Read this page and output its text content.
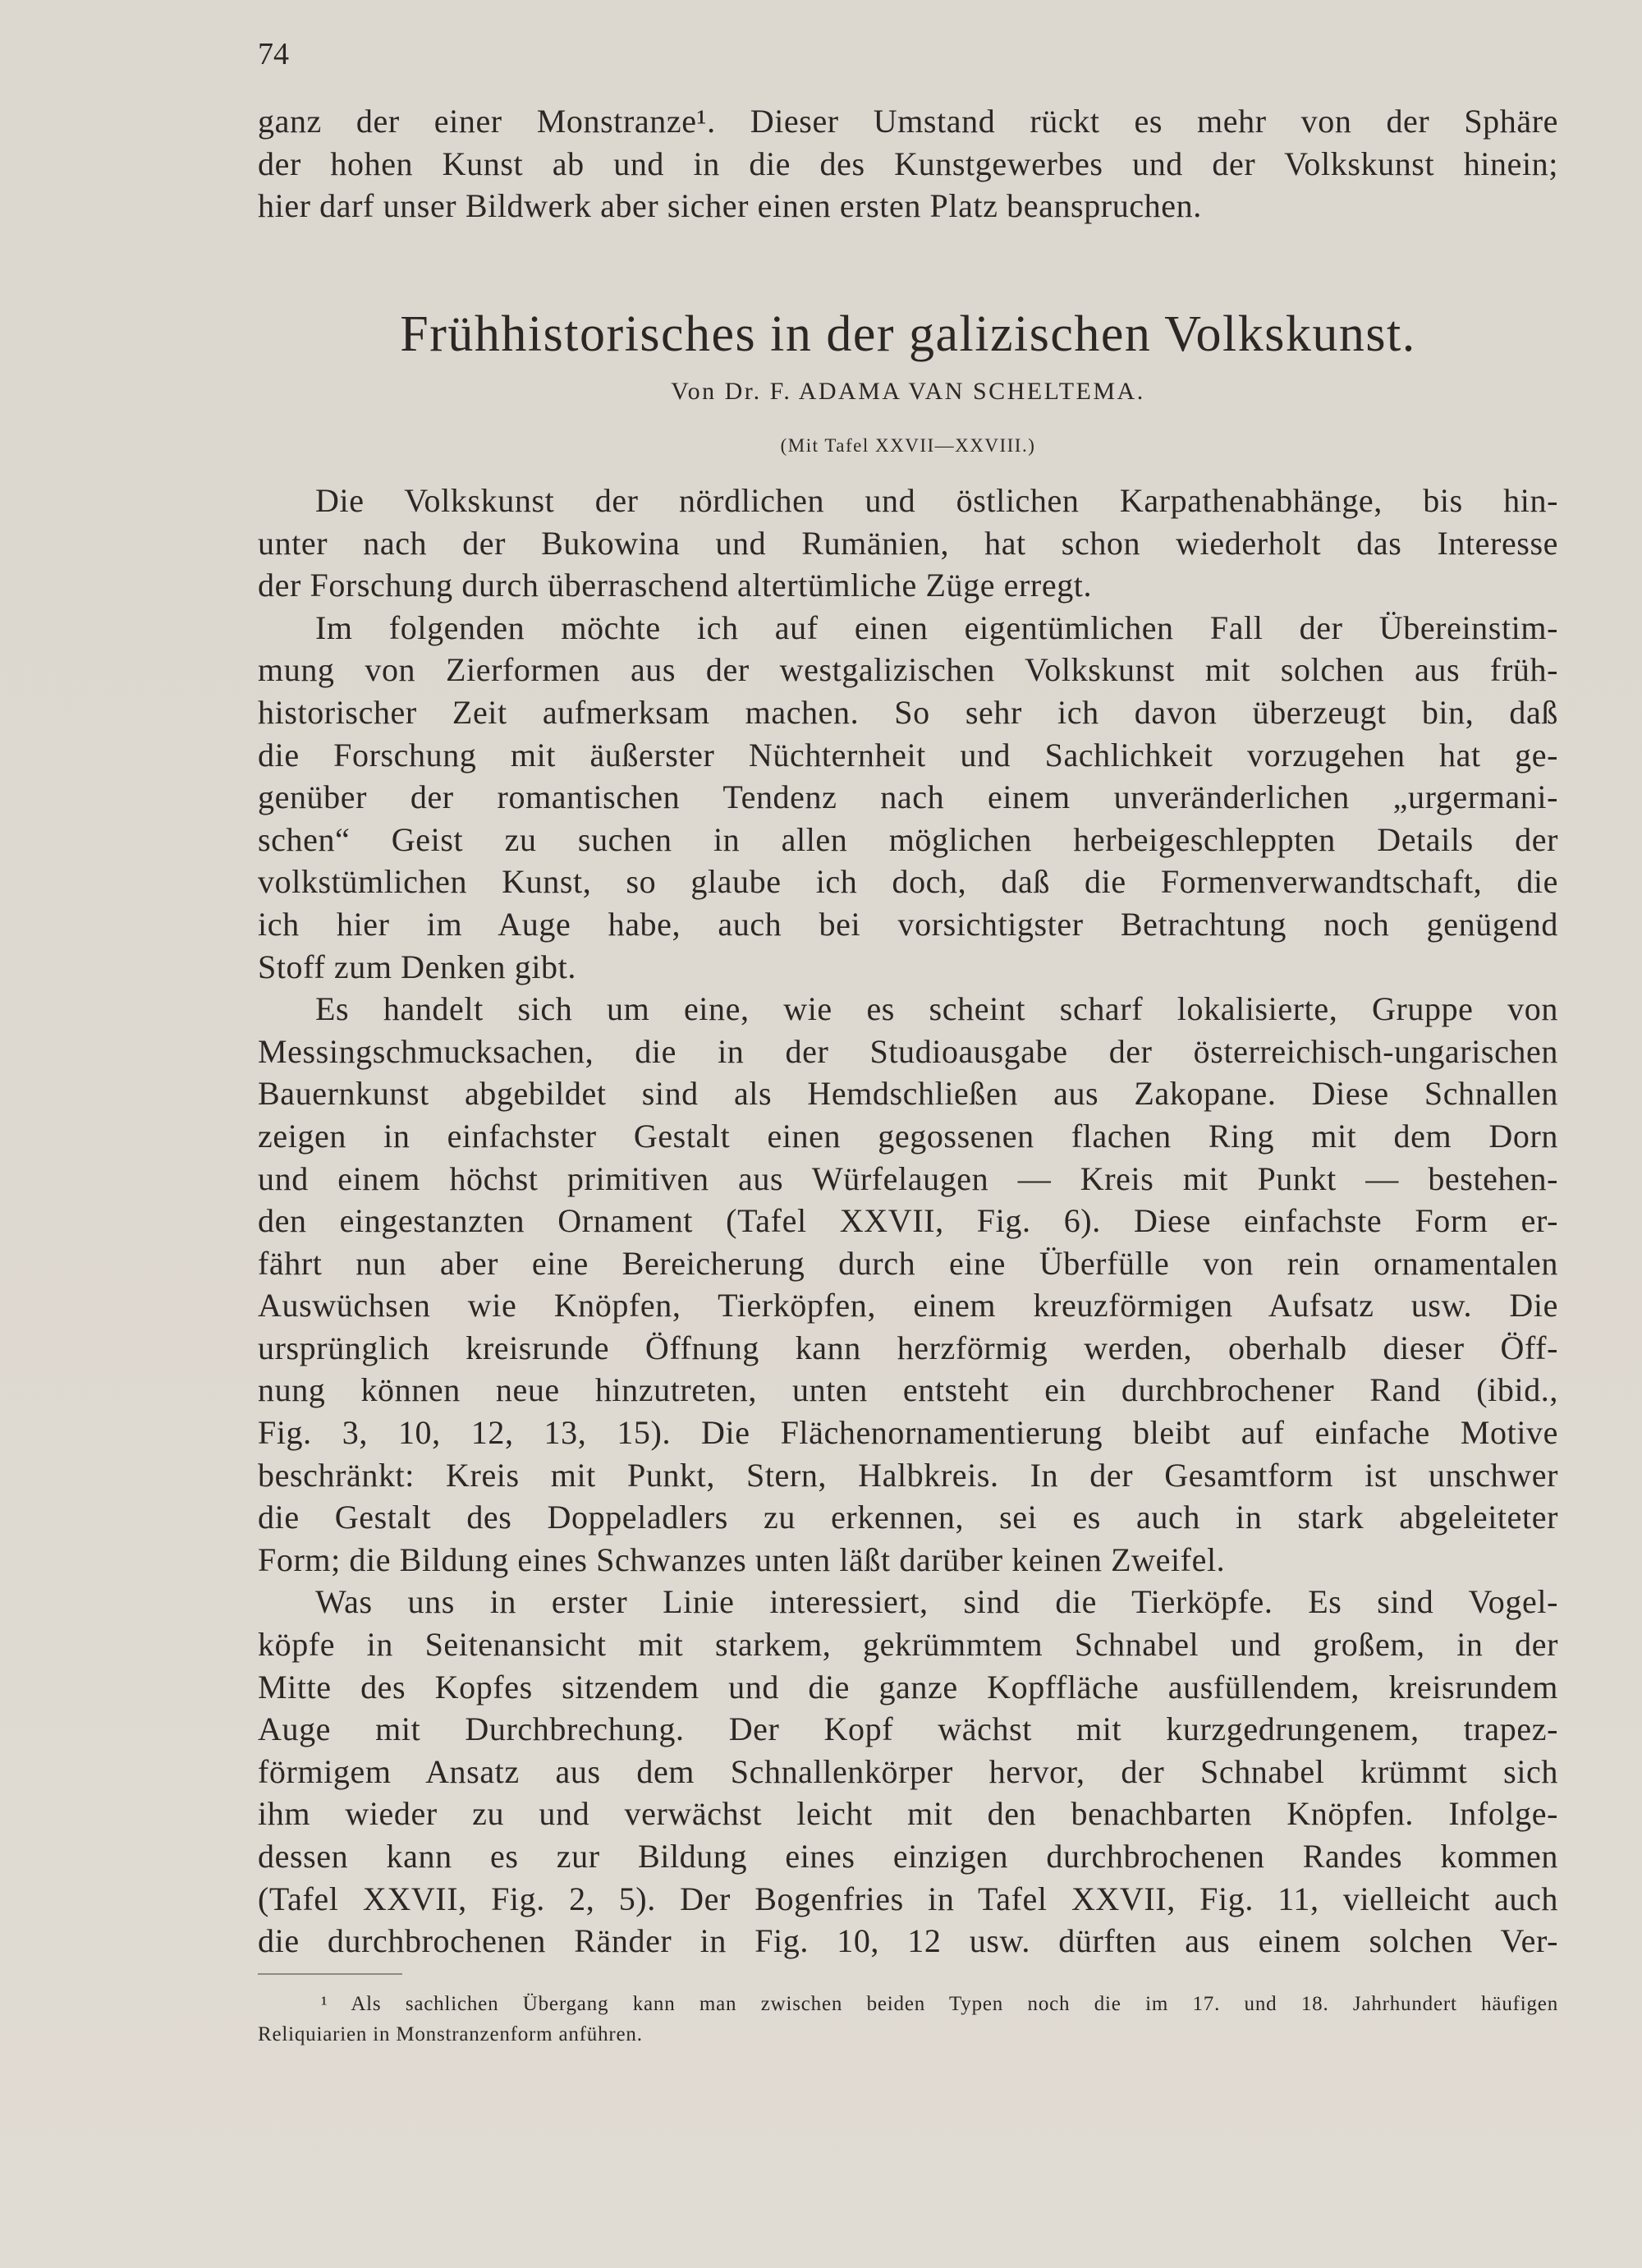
74
ganz der einer Monstranze¹. Dieser Umstand rückt es mehr von der Sphäre
der hohen Kunst ab und in die des Kunstgewerbes und der Volkskunst hinein;
hier darf unser Bildwerk aber sicher einen ersten Platz beanspruchen.
Frühhistorisches in der galizischen Volkskunst.
Von Dr. F. ADAMA VAN SCHELTEMA.
(Mit Tafel XXVII—XXVIII.)
Die Volkskunst der nördlichen und östlichen Karpathenabhänge, bis hin-
unter nach der Bukowina und Rumänien, hat schon wiederholt das Interesse
der Forschung durch überraschend altertümliche Züge erregt.
Im folgenden möchte ich auf einen eigentümlichen Fall der Übereinstim-
mung von Zierformen aus der westgalizischen Volkskunst mit solchen aus früh-
historischer Zeit aufmerksam machen. So sehr ich davon überzeugt bin, daß
die Forschung mit äußerster Nüchternheit und Sachlichkeit vorzugehen hat ge-
genüber der romantischen Tendenz nach einem unveränderlichen „urgermani-
schen“ Geist zu suchen in allen möglichen herbeigeschleppten Details der
volkstümlichen Kunst, so glaube ich doch, daß die Formenverwandtschaft, die
ich hier im Auge habe, auch bei vorsichtigster Betrachtung noch genügend
Stoff zum Denken gibt.
Es handelt sich um eine, wie es scheint scharf lokalisierte, Gruppe von
Messingschmucksachen, die in der Studioausgabe der österreichisch-ungarischen
Bauernkunst abgebildet sind als Hemdschließen aus Zakopane. Diese Schnallen
zeigen in einfachster Gestalt einen gegossenen flachen Ring mit dem Dorn
und einem höchst primitiven aus Würfelaugen — Kreis mit Punkt — bestehen-
den eingestanzten Ornament (Tafel XXVII, Fig. 6). Diese einfachste Form er-
fährt nun aber eine Bereicherung durch eine Überfülle von rein ornamentalen
Auswüchsen wie Knöpfen, Tierköpfen, einem kreuzförmigen Aufsatz usw. Die
ursprünglich kreisrunde Öffnung kann herzförmig werden, oberhalb dieser Öff-
nung können neue hinzutreten, unten entsteht ein durchbrochener Rand (ibid.,
Fig. 3, 10, 12, 13, 15). Die Flächenornamentierung bleibt auf einfache Motive
beschränkt: Kreis mit Punkt, Stern, Halbkreis. In der Gesamtform ist unschwer
die Gestalt des Doppeladlers zu erkennen, sei es auch in stark abgeleiteter
Form; die Bildung eines Schwanzes unten läßt darüber keinen Zweifel.
Was uns in erster Linie interessiert, sind die Tierköpfe. Es sind Vogel-
köpfe in Seitenansicht mit starkem, gekrümmtem Schnabel und großem, in der
Mitte des Kopfes sitzendem und die ganze Kopffläche ausfüllendem, kreisrundem
Auge mit Durchbrechung. Der Kopf wächst mit kurzgedrungenem, trapez-
förmigem Ansatz aus dem Schnallenkörper hervor, der Schnabel krümmt sich
ihm wieder zu und verwächst leicht mit den benachbarten Knöpfen. Infolge-
dessen kann es zur Bildung eines einzigen durchbrochenen Randes kommen
(Tafel XXVII, Fig. 2, 5). Der Bogenfries in Tafel XXVII, Fig. 11, vielleicht auch
die durchbrochenen Ränder in Fig. 10, 12 usw. dürften aus einem solchen Ver-
¹ Als sachlichen Übergang kann man zwischen beiden Typen noch die im 17. und 18. Jahrhundert häufigen
Reliquiarien in Monstranzenform anführen.
